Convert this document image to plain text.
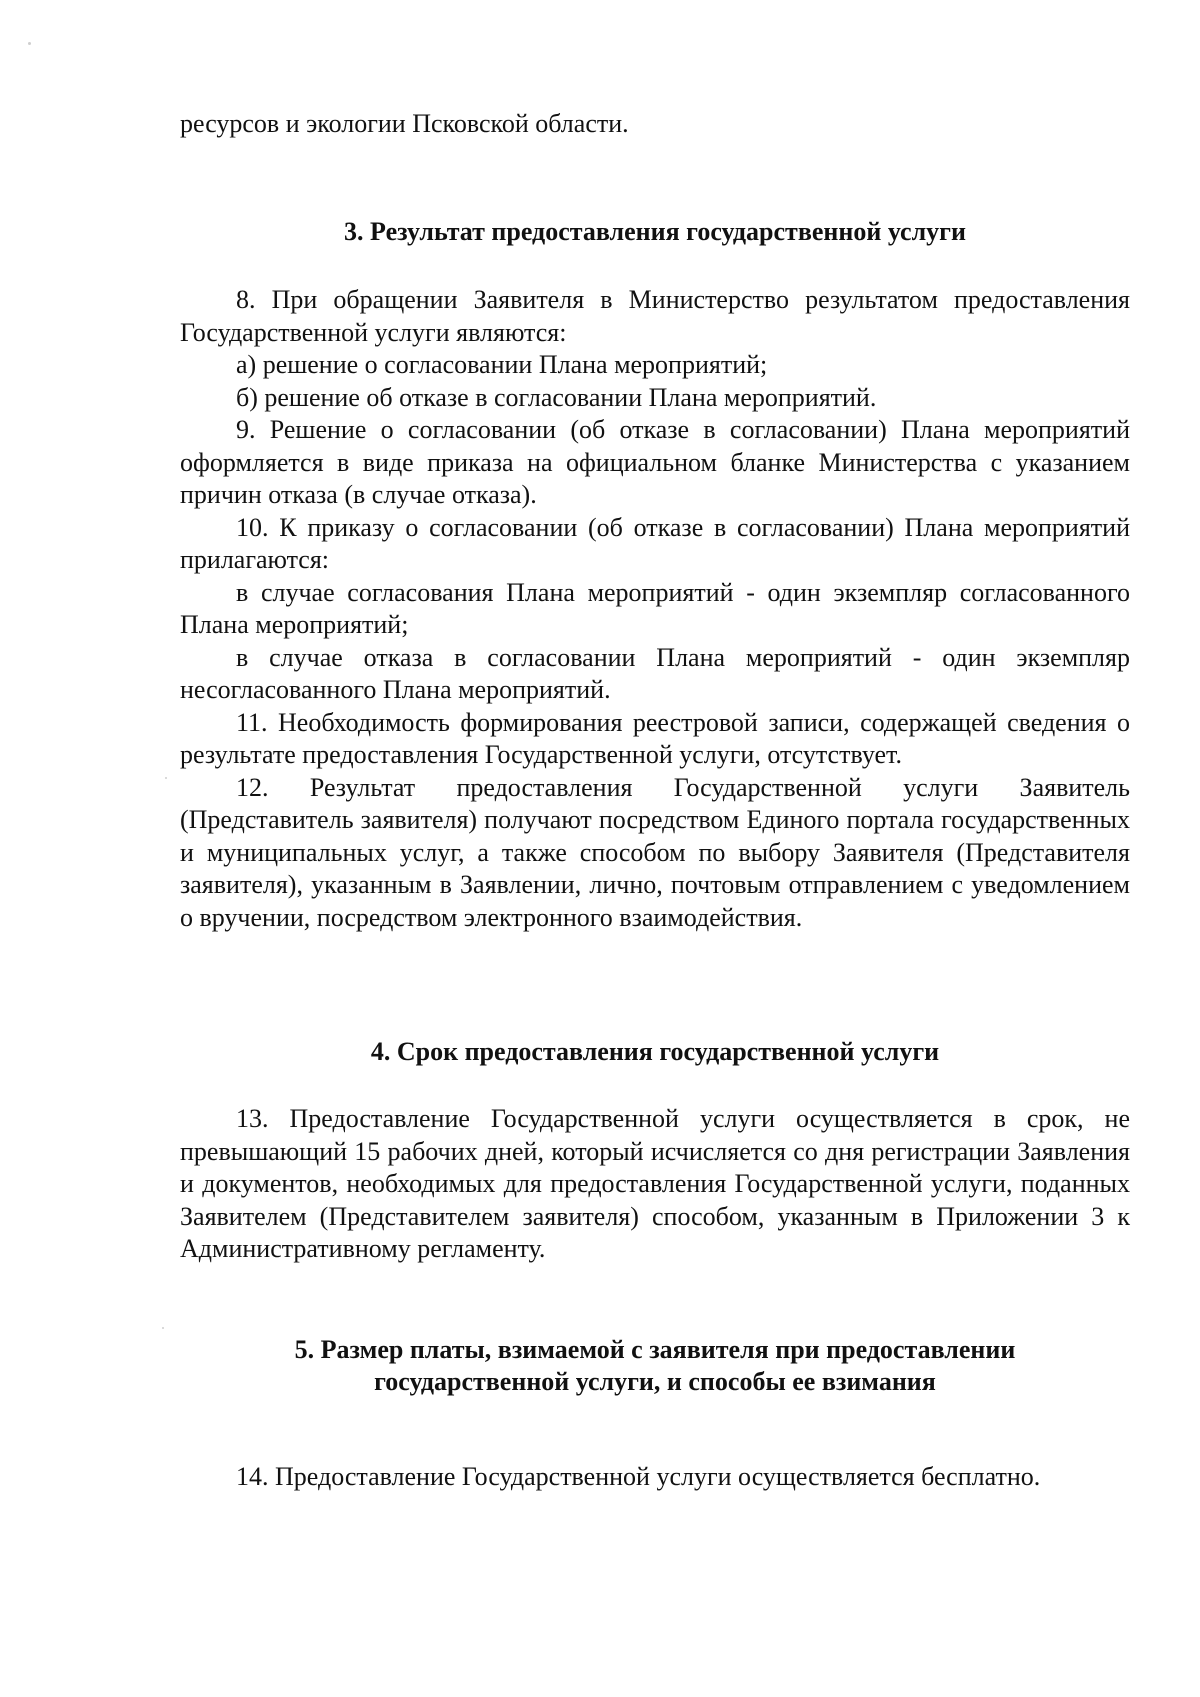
ресурсов и экологии Псковской области.

3. Результат предоставления государственной услуги

8. При обращении Заявителя в Министерство результатом предоставления Государственной услуги являются:

а) решение о согласовании Плана мероприятий;

б) решение об отказе в согласовании Плана мероприятий.

9. Решение о согласовании (об отказе в согласовании) Плана мероприятий оформляется в виде приказа на официальном бланке Министерства с указанием причин отказа (в случае отказа).

10. К приказу о согласовании (об отказе в согласовании) Плана мероприятий прилагаются:

в случае согласования Плана мероприятий - один экземпляр согласованного Плана мероприятий;

в случае отказа в согласовании Плана мероприятий - один экземпляр несогласованного Плана мероприятий.

11. Необходимость формирования реестровой записи, содержащей сведения о результате предоставления Государственной услуги, отсутствует.

12. Результат предоставления Государственной услуги Заявитель (Представитель заявителя) получают посредством Единого портала государственных и муниципальных услуг, а также способом по выбору Заявителя (Представителя заявителя), указанным в Заявлении, лично, почтовым отправлением с уведомлением о вручении, посредством электронного взаимодействия.

4. Срок предоставления государственной услуги

13. Предоставление Государственной услуги осуществляется в срок, не превышающий 15 рабочих дней, который исчисляется со дня регистрации Заявления и документов, необходимых для предоставления Государственной услуги, поданных Заявителем (Представителем заявителя) способом, указанным в Приложении 3 к Административному регламенту.

5. Размер платы, взимаемой с заявителя при предоставлении
государственной услуги, и способы ее взимания

14. Предоставление Государственной услуги осуществляется бесплатно.
